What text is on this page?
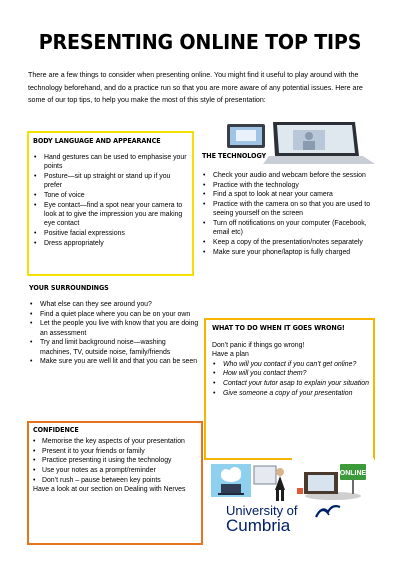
PRESENTING ONLINE TOP TIPS
There are a few things to consider when presenting online. You might find it useful to play around with the technology beforehand, and do a practice run so that you are more aware of any potential issues. Here are some of our top tips, to help you make the most of this style of presentation:
BODY LANGUAGE AND APPEARANCE
• Hand gestures can be used to emphasise your points
• Posture—sit up straight or stand up if you prefer
• Tone of voice
• Eye contact—find a spot near your camera to look at to give the impression you are making eye contact
• Positive facial expressions
• Dress appropriately
THE TECHNOLOGY
• Check your audio and webcam before the session
• Practice with the technology
• Find a spot to look at near your camera
• Practice with the camera on so that you are used to seeing yourself on the screen
• Turn off notifications on your computer (Facebook, email etc)
• Keep a copy of the presentation/notes separately
• Make sure your phone/laptop is fully charged
YOUR SURROUNDINGS
• What else can they see around you?
• Find a quiet place where you can be on your own
• Let the people you live with know that you are doing an assessment
• Try and limit background noise—washing machines, TV, outside noise, family/friends
• Make sure you are well lit and that you can be seen
WHAT TO DO WHEN IT GOES WRONG!
Don’t panic if things go wrong!
Have a plan
• Who will you contact if you can’t get online?
• How will you contact them?
• Contact your tutor asap to explain your situation
• Give someone a copy of your presentation
CONFIDENCE
• Memorise the key aspects of your presentation
• Present it to your friends or family
• Practice presenting it using the technology
• Use your notes as a prompt/reminder
• Don’t rush – pause between key points
Have a look at our section on Dealing with Nerves
ONLINE
University of
Cumbria
